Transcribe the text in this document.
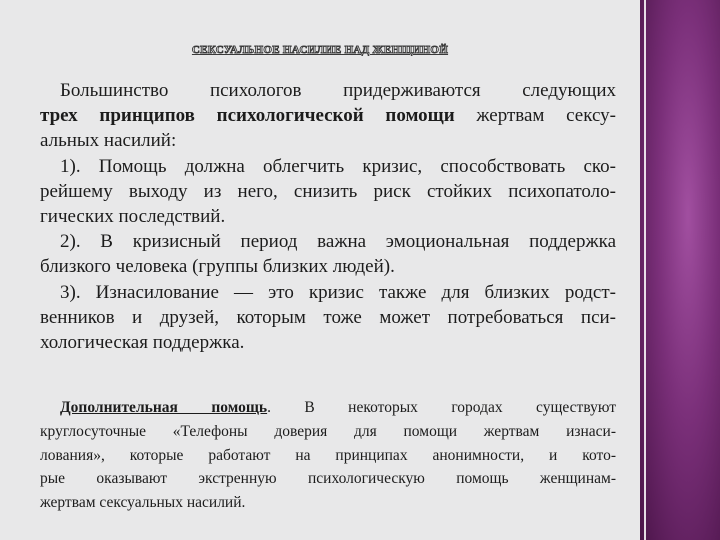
СЕКСУАЛЬНОЕ НАСИЛИЕ НАД ЖЕНЩИНОЙ
Большинство психологов придерживаются следующих
трех принципов психологической помощи жертвам сексу-
альных насилий:
1). Помощь должна облегчить кризис, способствовать ско-
рейшему выходу из него, снизить риск стойких психопатоло-
гических последствий.
2). В кризисный период важна эмоциональная поддержка
близкого человека (группы близких людей).
3). Изнасилование — это кризис также для близких родст-
венников и друзей, которым тоже может потребоваться пси-
хологическая поддержка.
Дополнительная помощь. В некоторых городах существуют
круглосуточные «Телефоны доверия для помощи жертвам изнаси-
лования», которые работают на принципах анонимности, и кото-
рые оказывают экстренную психологическую помощь женщинам-
жертвам сексуальных насилий.
